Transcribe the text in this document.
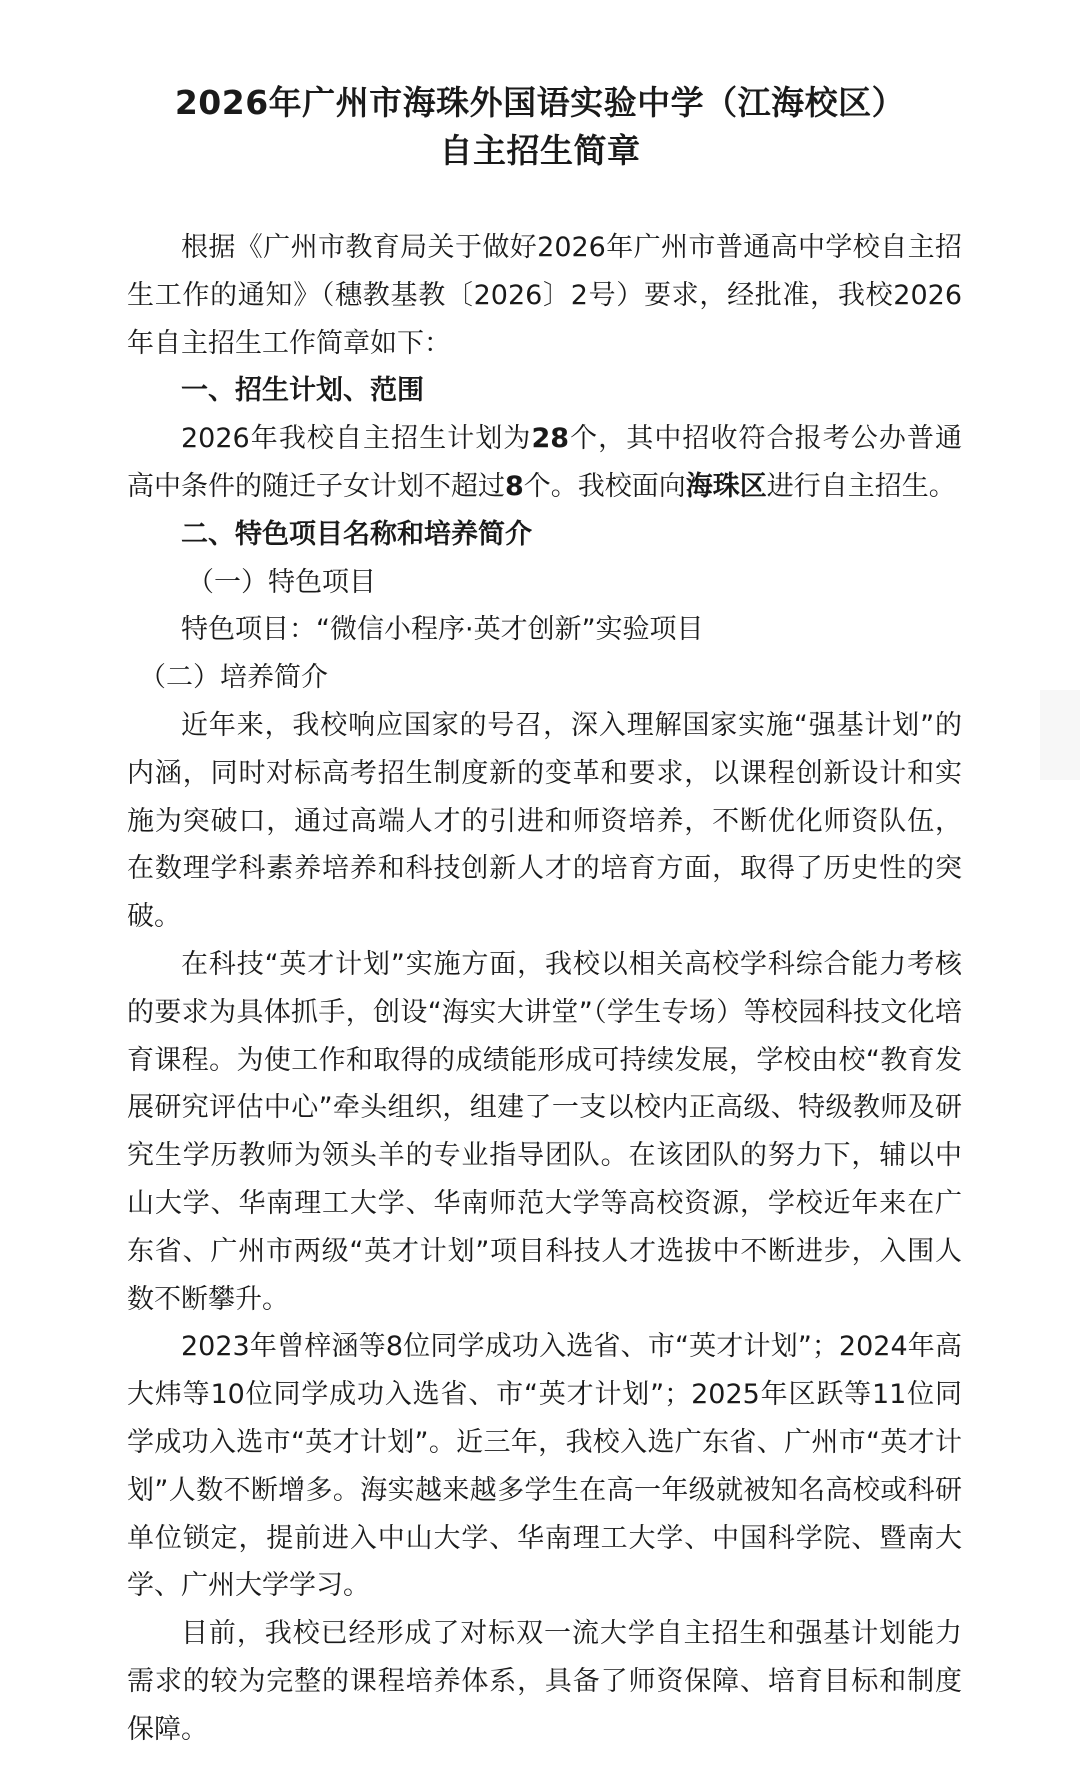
2026年广州市海珠外国语实验中学（江海校区）
自主招生简章

根据《广州市教育局关于做好2026年广州市普通高中学校自主招生工作的通知》（穗教基教〔2026〕2号）要求，经批准，我校2026年自主招生工作简章如下：

一、招生计划、范围

2026年我校自主招生计划为28个，其中招收符合报考公办普通高中条件的随迁子女计划不超过8个。我校面向海珠区进行自主招生。

二、特色项目名称和培养简介

（一）特色项目

特色项目：“微信小程序·英才创新”实验项目

（二）培养简介

近年来，我校响应国家的号召，深入理解国家实施“强基计划”的内涵，同时对标高考招生制度新的变革和要求，以课程创新设计和实施为突破口，通过高端人才的引进和师资培养，不断优化师资队伍，在数理学科素养培养和科技创新人才的培育方面，取得了历史性的突破。

在科技“英才计划”实施方面，我校以相关高校学科综合能力考核的要求为具体抓手，创设“海实大讲堂”（学生专场）等校园科技文化培育课程。为使工作和取得的成绩能形成可持续发展，学校由校“教育发展研究评估中心”牵头组织，组建了一支以校内正高级、特级教师及研究生学历教师为领头羊的专业指导团队。在该团队的努力下，辅以中山大学、华南理工大学、华南师范大学等高校资源，学校近年来在广东省、广州市两级“英才计划”项目科技人才选拔中不断进步，入围人数不断攀升。

2023年曾梓涵等8位同学成功入选省、市“英才计划”；2024年高大炜等10位同学成功入选省、市“英才计划”；2025年区跃等11位同学成功入选市“英才计划”。近三年，我校入选广东省、广州市“英才计划”人数不断增多。海实越来越多学生在高一年级就被知名高校或科研单位锁定，提前进入中山大学、华南理工大学、中国科学院、暨南大学、广州大学学习。

目前，我校已经形成了对标双一流大学自主招生和强基计划能力需求的较为完整的课程培养体系，具备了师资保障、培育目标和制度保障。
